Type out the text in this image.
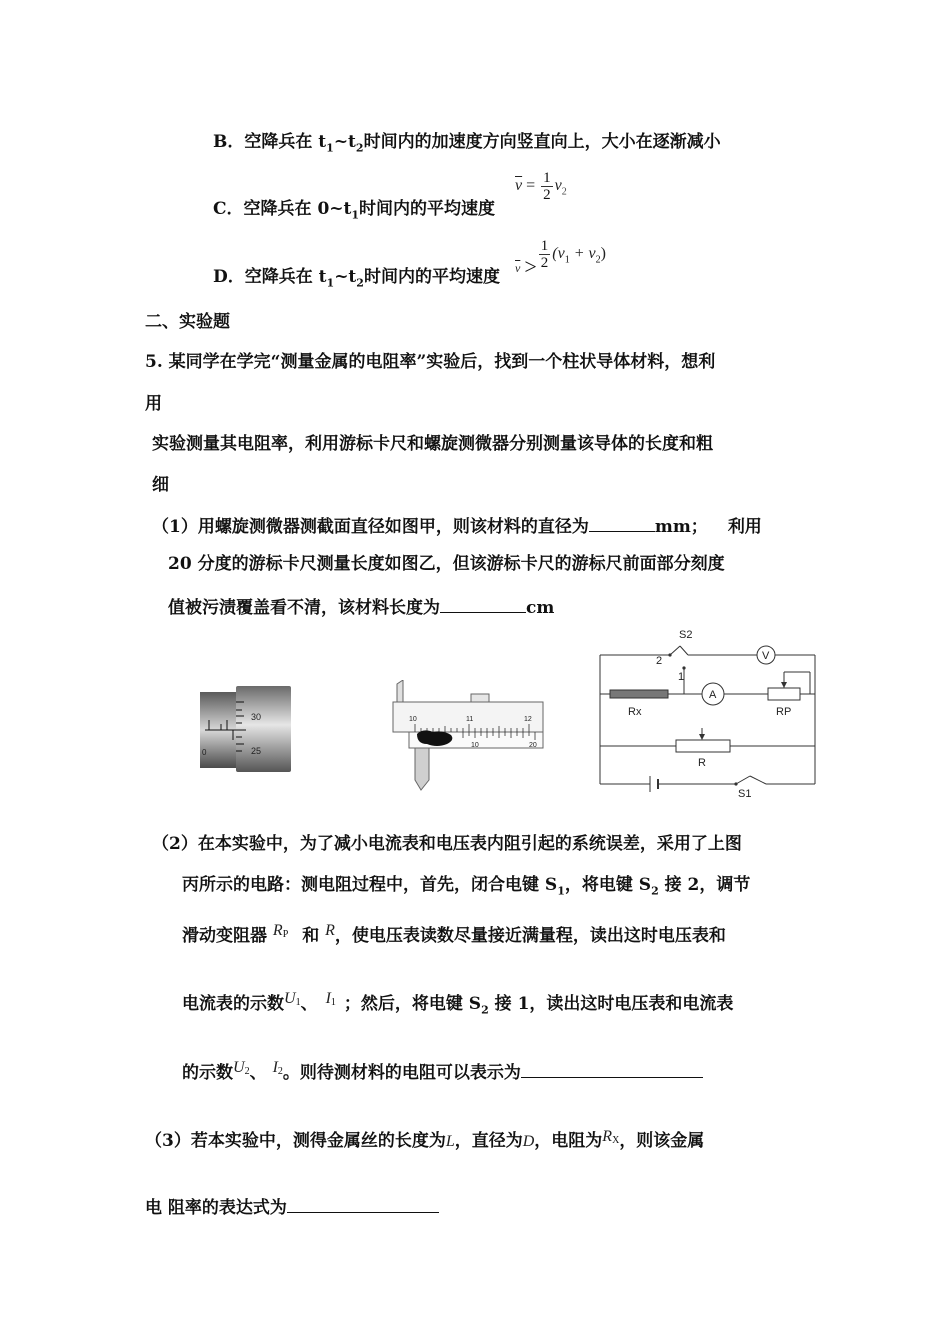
B．空降兵在 $t_1\sim t_2$时间内的加速度方向竖直向上，大小在逐渐减小
C．空降兵在 $0\sim t_1$时间内的平均速度
$\overline{v} = \frac{1}{2} v_2$
D．空降兵在 $t_1\sim t_2$时间内的平均速度 $_{\overline{v}} > \frac{1}{2} (v_1 + v_2)$
二、实验题
5. 某同学在学完“测量金属的电阻率”实验后，找到一个柱状导体材料，想利
用
实验测量其电阻率，利用游标卡尺和螺旋测微器分别测量该导体的长度和粗
细
（1）用螺旋测微器测截面直径如图甲，则该材料的直径为	mm； 利用
20 分度的游标卡尺测量长度如图乙，但该游标卡尺的游标尺前面部分刻度
值被污渍覆盖看不清，该材料长度为	cm
30
25
0
10	11	12
10	20
V
A
S2
2
1
Rx	RP
R
S1
（2）在本实验中，为了减小电流表和电压表内阻引起的系统误差，采用了上图
丙所示的电路：测电阻过程中，首先，闭合电键 $S_1$，将电键 $S_2$ 接 2，调节
滑动变阻器 $R_P$ 和 R，使电压表读数尽量接近满量程，读出这时电压表和
电流表的示数$U_1$、 $I_1$ ；然后，将电键 $S_2$ 接 1，读出这时电压表和电流表
的示数$U_2$、 $I_2$。则待测材料的电阻可以表示为
（3）若本实验中，测得金属丝的长度为L，直径为D，电阻为$R_X$，则该金属
电 阻率的表达式为
